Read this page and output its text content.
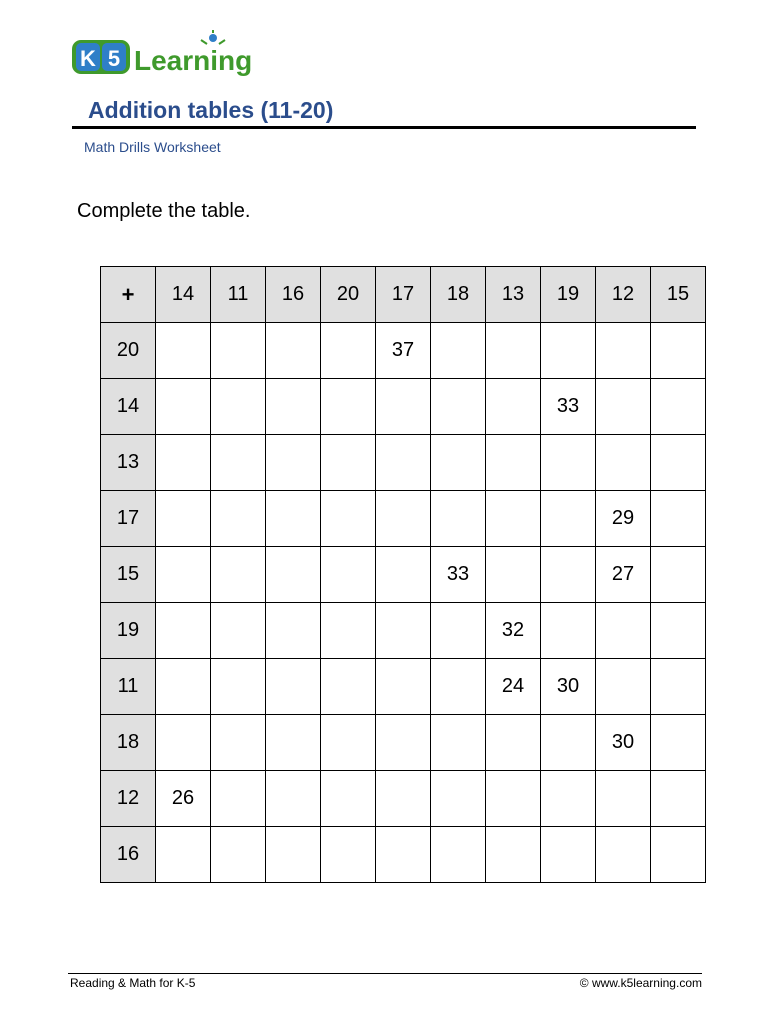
K 5 Learning
Addition tables (11-20)
Math Drills Worksheet
Complete the table.
+	14	11	16	20	17	18	13	19	12	15
20					37					
14								33		
13										
17									29	
15						33			27	
19							32			
11							24	30		
18									30	
12	26									
16										
Reading & Math for K-5	© www.k5learning.com
